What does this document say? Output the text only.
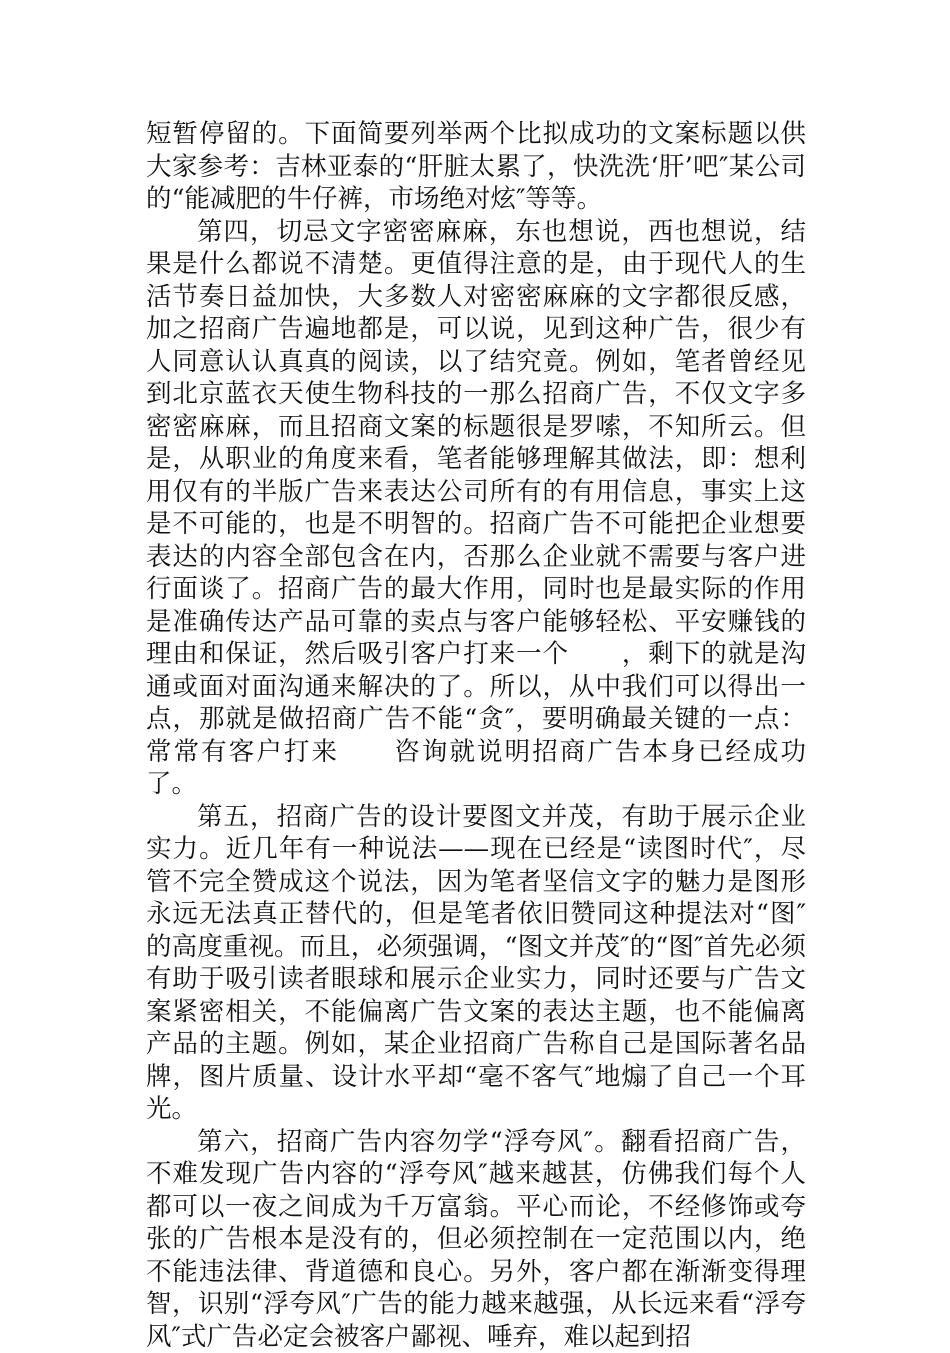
短暂停留的。下面简要列举两个比拟成功的文案标题以供大家参考：吉林亚泰的“肝脏太累了，快洗洗‘肝’吧″某公司的“能减肥的牛仔裤，市场绝对炫″等等。

第四，切忌文字密密麻麻，东也想说，西也想说，结果是什么都说不清楚。更值得注意的是，由于现代人的生活节奏日益加快，大多数人对密密麻麻的文字都很反感，加之招商广告遍地都是，可以说，见到这种广告，很少有人同意认认真真的阅读，以了结究竟。例如，笔者曾经见到北京蓝衣天使生物科技的一那么招商广告，不仅文字多密密麻麻，而且招商文案的标题很是罗嗦，不知所云。但是，从职业的角度来看，笔者能够理解其做法，即：想利用仅有的半版广告来表达公司所有的有用信息，事实上这是不可能的，也是不明智的。招商广告不可能把企业想要表达的内容全部包含在内，否那么企业就不需要与客户进行面谈了。招商广告的最大作用，同时也是最实际的作用是准确传达产品可靠的卖点与客户能够轻松、平安赚钱的理由和保证，然后吸引客户打来一个　　，剩下的就是沟通或面对面沟通来解决的了。所以，从中我们可以得出一点，那就是做招商广告不能“贪″，要明确最关键的一点：常常有客户打来　　咨询就说明招商广告本身已经成功了。

第五，招商广告的设计要图文并茂，有助于展示企业实力。近几年有一种说法——现在已经是“读图时代″，尽管不完全赞成这个说法，因为笔者坚信文字的魅力是图形永远无法真正替代的，但是笔者依旧赞同这种提法对“图″的高度重视。而且，必须强调，“图文并茂″的“图″首先必须有助于吸引读者眼球和展示企业实力，同时还要与广告文案紧密相关，不能偏离广告文案的表达主题，也不能偏离产品的主题。例如，某企业招商广告称自己是国际著名品牌，图片质量、设计水平却“毫不客气″地煽了自己一个耳光。

第六，招商广告内容勿学“浮夸风″。翻看招商广告，不难发现广告内容的“浮夸风″越来越甚，仿佛我们每个人都可以一夜之间成为千万富翁。平心而论，不经修饰或夸张的广告根本是没有的，但必须控制在一定范围以内，绝不能违法律、背道德和良心。另外，客户都在渐渐变得理智，识别“浮夸风″广告的能力越来越强，从长远来看“浮夸风″式广告必定会被客户鄙视、唾弃，难以起到招
